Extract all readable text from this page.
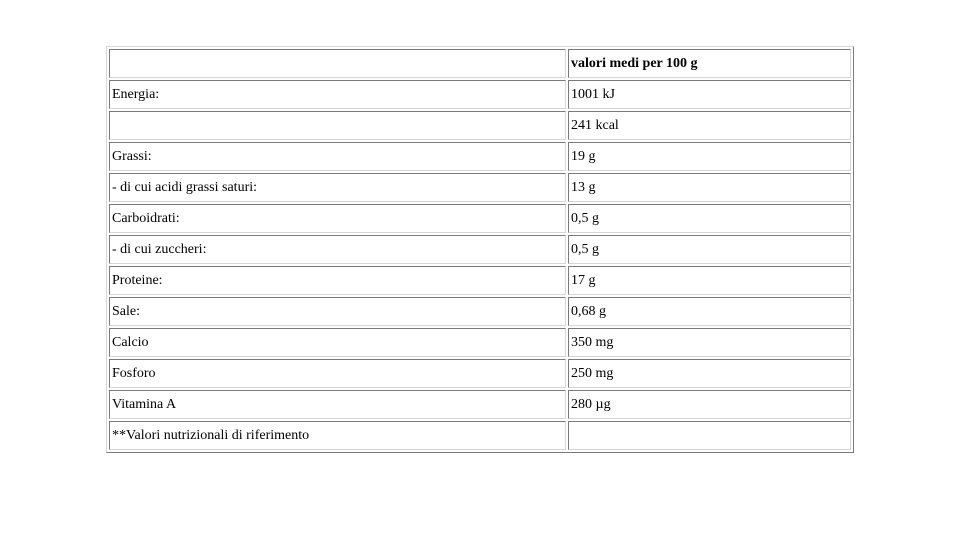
	valori medi per 100 g
Energia:	1001 kJ
	241 kcal
Grassi:	19 g
- di cui acidi grassi saturi:	13 g
Carboidrati:	0,5 g
- di cui zuccheri:	0,5 g
Proteine:	17 g
Sale:	0,68 g
Calcio	350 mg
Fosforo	250 mg
Vitamina A	280 µg
**Valori nutrizionali di riferimento	
